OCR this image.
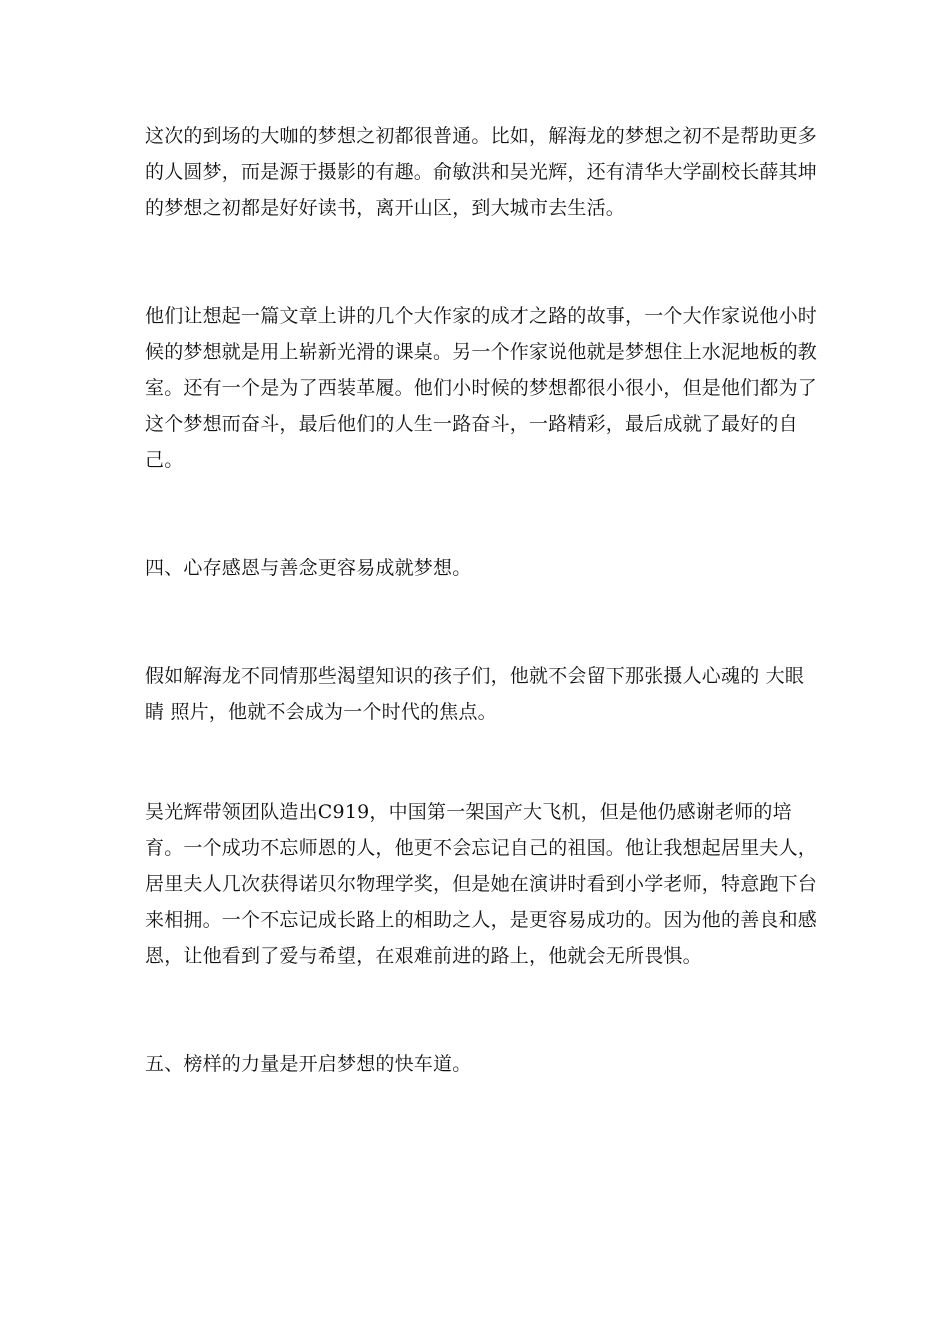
这次的到场的大咖的梦想之初都很普通。比如，解海龙的梦想之初不是帮助更多的人圆梦，而是源于摄影的有趣。俞敏洪和吴光辉，还有清华大学副校长薛其坤的梦想之初都是好好读书，离开山区，到大城市去生活。

他们让想起一篇文章上讲的几个大作家的成才之路的故事，一个大作家说他小时候的梦想就是用上崭新光滑的课桌。另一个作家说他就是梦想住上水泥地板的教室。还有一个是为了西装革履。他们小时候的梦想都很小很小，但是他们都为了这个梦想而奋斗，最后他们的人生一路奋斗，一路精彩，最后成就了最好的自己。

四、心存感恩与善念更容易成就梦想。

假如解海龙不同情那些渴望知识的孩子们，他就不会留下那张摄人心魂的 大眼睛 照片，他就不会成为一个时代的焦点。

吴光辉带领团队造出C919，中国第一架国产大飞机，但是他仍感谢老师的培育。一个成功不忘师恩的人，他更不会忘记自己的祖国。他让我想起居里夫人，居里夫人几次获得诺贝尔物理学奖，但是她在演讲时看到小学老师，特意跑下台来相拥。一个不忘记成长路上的相助之人，是更容易成功的。因为他的善良和感恩，让他看到了爱与希望，在艰难前进的路上，他就会无所畏惧。

五、榜样的力量是开启梦想的快车道。
